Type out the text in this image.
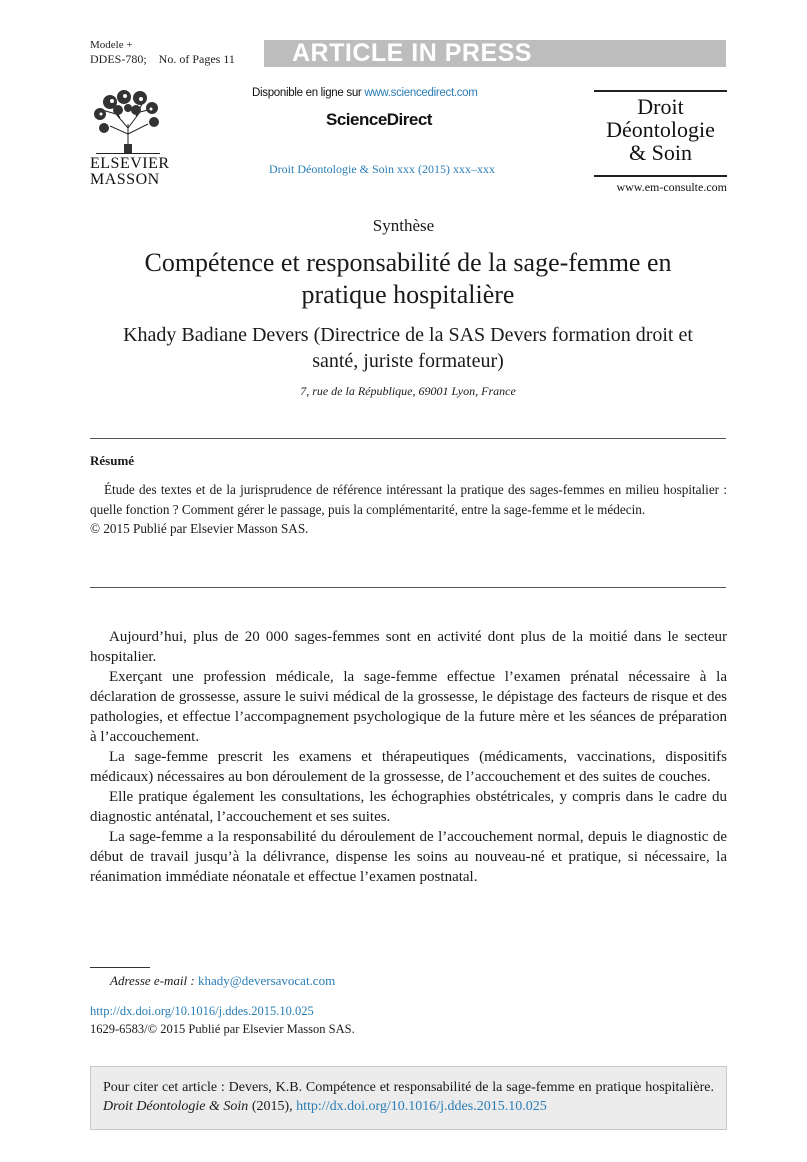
Modele +
DDES-780; No. of Pages 11	ARTICLE IN PRESS
ELSEVIER
MASSON
Disponible en ligne sur www.sciencedirect.com
ScienceDirect
Droit Déontologie & Soin xxx (2015) xxx–xxx
Droit
Déontologie
& Soin
www.em-consulte.com
Synthèse
Compétence et responsabilité de la sage-femme en
pratique hospitalière
Khady Badiane Devers (Directrice de la SAS Devers formation droit et
santé, juriste formateur)
7, rue de la République, 69001 Lyon, France
Résumé

Étude des textes et de la jurisprudence de référence intéressant la pratique des sages-femmes en milieu hospitalier : quelle fonction ? Comment gérer le passage, puis la complémentarité, entre la sage-femme et le médecin.

© 2015 Publié par Elsevier Masson SAS.

Aujourd’hui, plus de 20 000 sages-femmes sont en activité dont plus de la moitié dans le secteur hospitalier.

Exerçant une profession médicale, la sage-femme effectue l’examen prénatal nécessaire à la déclaration de grossesse, assure le suivi médical de la grossesse, le dépistage des facteurs de risque et des pathologies, et effectue l’accompagnement psychologique de la future mère et les séances de préparation à l’accouchement.

La sage-femme prescrit les examens et thérapeutiques (médicaments, vaccinations, dispositifs médicaux) nécessaires au bon déroulement de la grossesse, de l’accouchement et des suites de couches.

Elle pratique également les consultations, les échographies obstétricales, y compris dans le cadre du diagnostic anténatal, l’accouchement et ses suites.

La sage-femme a la responsabilité du déroulement de l’accouchement normal, depuis le diagnostic de début de travail jusqu’à la délivrance, dispense les soins au nouveau-né et pratique, si nécessaire, la réanimation immédiate néonatale et effectue l’examen postnatal.

Adresse e-mail : khady@deversavocat.com
http://dx.doi.org/10.1016/j.ddes.2015.10.025
1629-6583/© 2015 Publié par Elsevier Masson SAS.
Pour citer cet article : Devers, K.B. Compétence et responsabilité de la sage-femme en pratique hospitalière. Droit Déontologie & Soin (2015), http://dx.doi.org/10.1016/j.ddes.2015.10.025
